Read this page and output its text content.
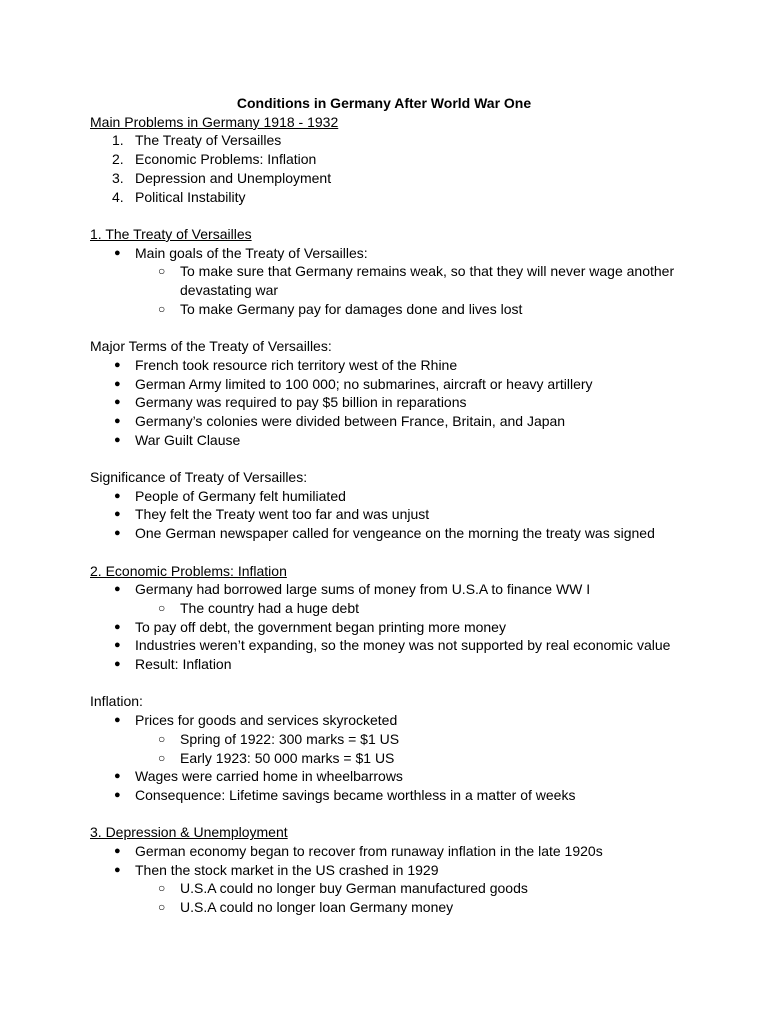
Conditions in Germany After World War One

Main Problems in Germany 1918 - 1932

1. The Treaty of Versailles
2. Economic Problems: Inflation
3. Depression and Unemployment
4. Political Instability

1. The Treaty of Versailles

● Main goals of the Treaty of Versailles:
○ To make sure that Germany remains weak, so that they will never wage another devastating war
○ To make Germany pay for damages done and lives lost

Major Terms of the Treaty of Versailles:

● French took resource rich territory west of the Rhine
● German Army limited to 100 000; no submarines, aircraft or heavy artillery
● Germany was required to pay $5 billion in reparations
● Germany’s colonies were divided between France, Britain, and Japan
● War Guilt Clause

Significance of Treaty of Versailles:

● People of Germany felt humiliated
● They felt the Treaty went too far and was unjust
● One German newspaper called for vengeance on the morning the treaty was signed

2. Economic Problems: Inflation

● Germany had borrowed large sums of money from U.S.A to finance WW I
○ The country had a huge debt
● To pay off debt, the government began printing more money
● Industries weren’t expanding, so the money was not supported by real economic value
● Result: Inflation

Inflation:

● Prices for goods and services skyrocketed
○ Spring of 1922: 300 marks = $1 US
○ Early 1923: 50 000 marks = $1 US
● Wages were carried home in wheelbarrows
● Consequence: Lifetime savings became worthless in a matter of weeks

3. Depression & Unemployment

● German economy began to recover from runaway inflation in the late 1920s
● Then the stock market in the US crashed in 1929
○ U.S.A could no longer buy German manufactured goods
○ U.S.A could no longer loan Germany money
